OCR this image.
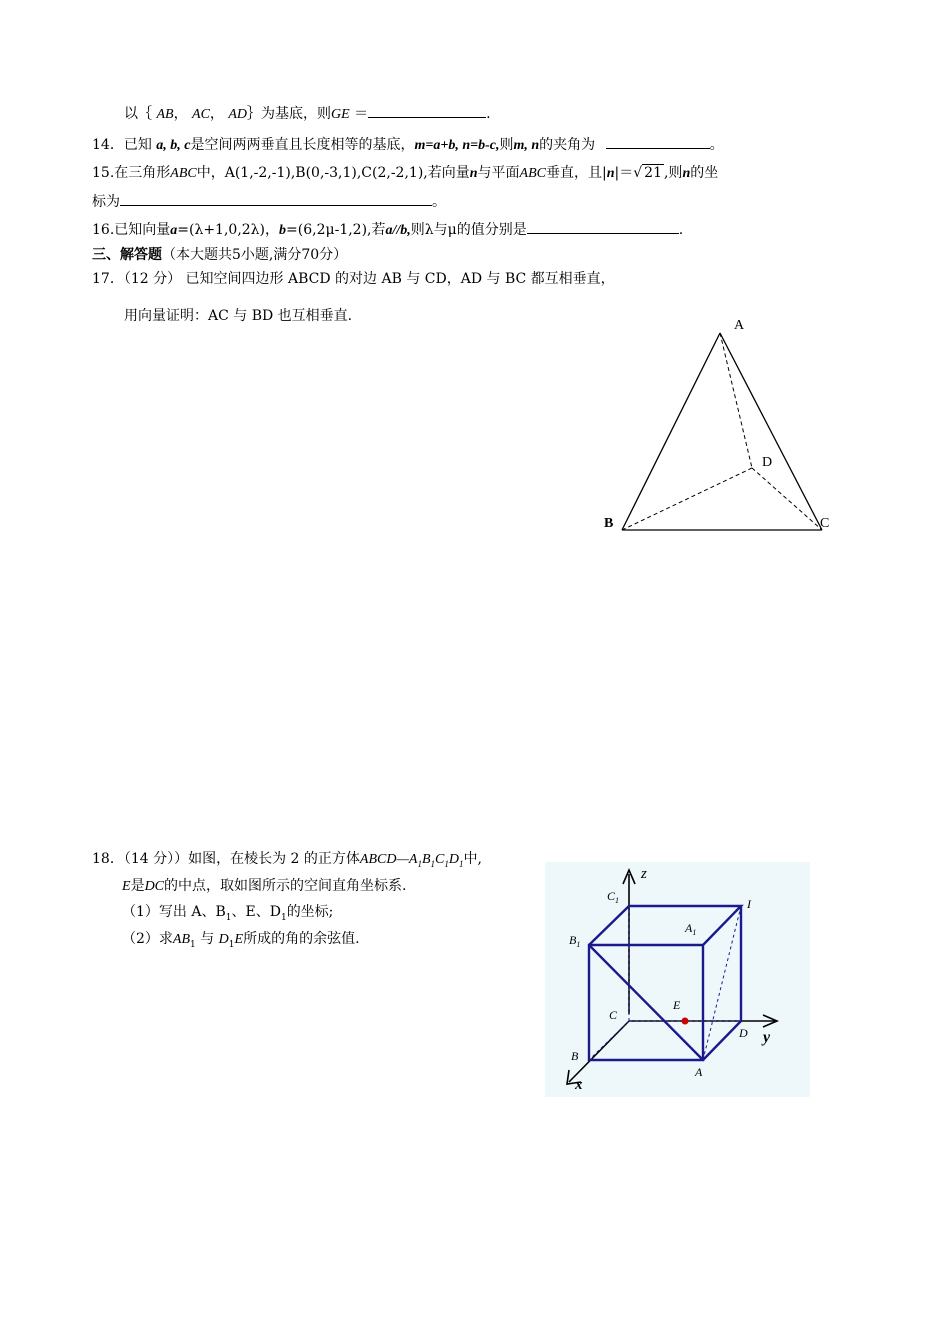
以｛ AB， AC， AD｝为基底，则GE ＝	.
14．已知 a, b, c是空间两两垂直且长度相等的基底，m=a+b, n=b-c,则m, n的夹角为	。
15.在三角形ABC中，A(1,-2,-1),B(0,-3,1),C(2,-2,1),若向量n与平面ABC垂直，且|n|＝√ 21 ,则n的坐
标为	。
16.已知向量a=(λ+1,0,2λ)，b=(6,2μ-1,2),若a//b,则λ与μ的值分别是	.
三、解答题（本大题共5小题,满分70分）
17．（12 分） 已知空间四边形 ABCD 的对边 AB 与 CD，AD 与 BC 都互相垂直，
用向量证明：AC 与 BD 也互相垂直.
A
B	C
D
18．（14 分））如图，在棱长为 2 的正方体$ABCD—A_1B_1C_1D_1$中,
E是DC的中点，取如图所示的空间直角坐标系.
（1）写出 A、$B_1$、E、$D_1$的坐标;
（2）求$AB_1$ 与 $D_1E$所成的角的余弦值.
z
y
x
$C_1$	I
$A_1$
$B_1$
E
C
D
B
A
